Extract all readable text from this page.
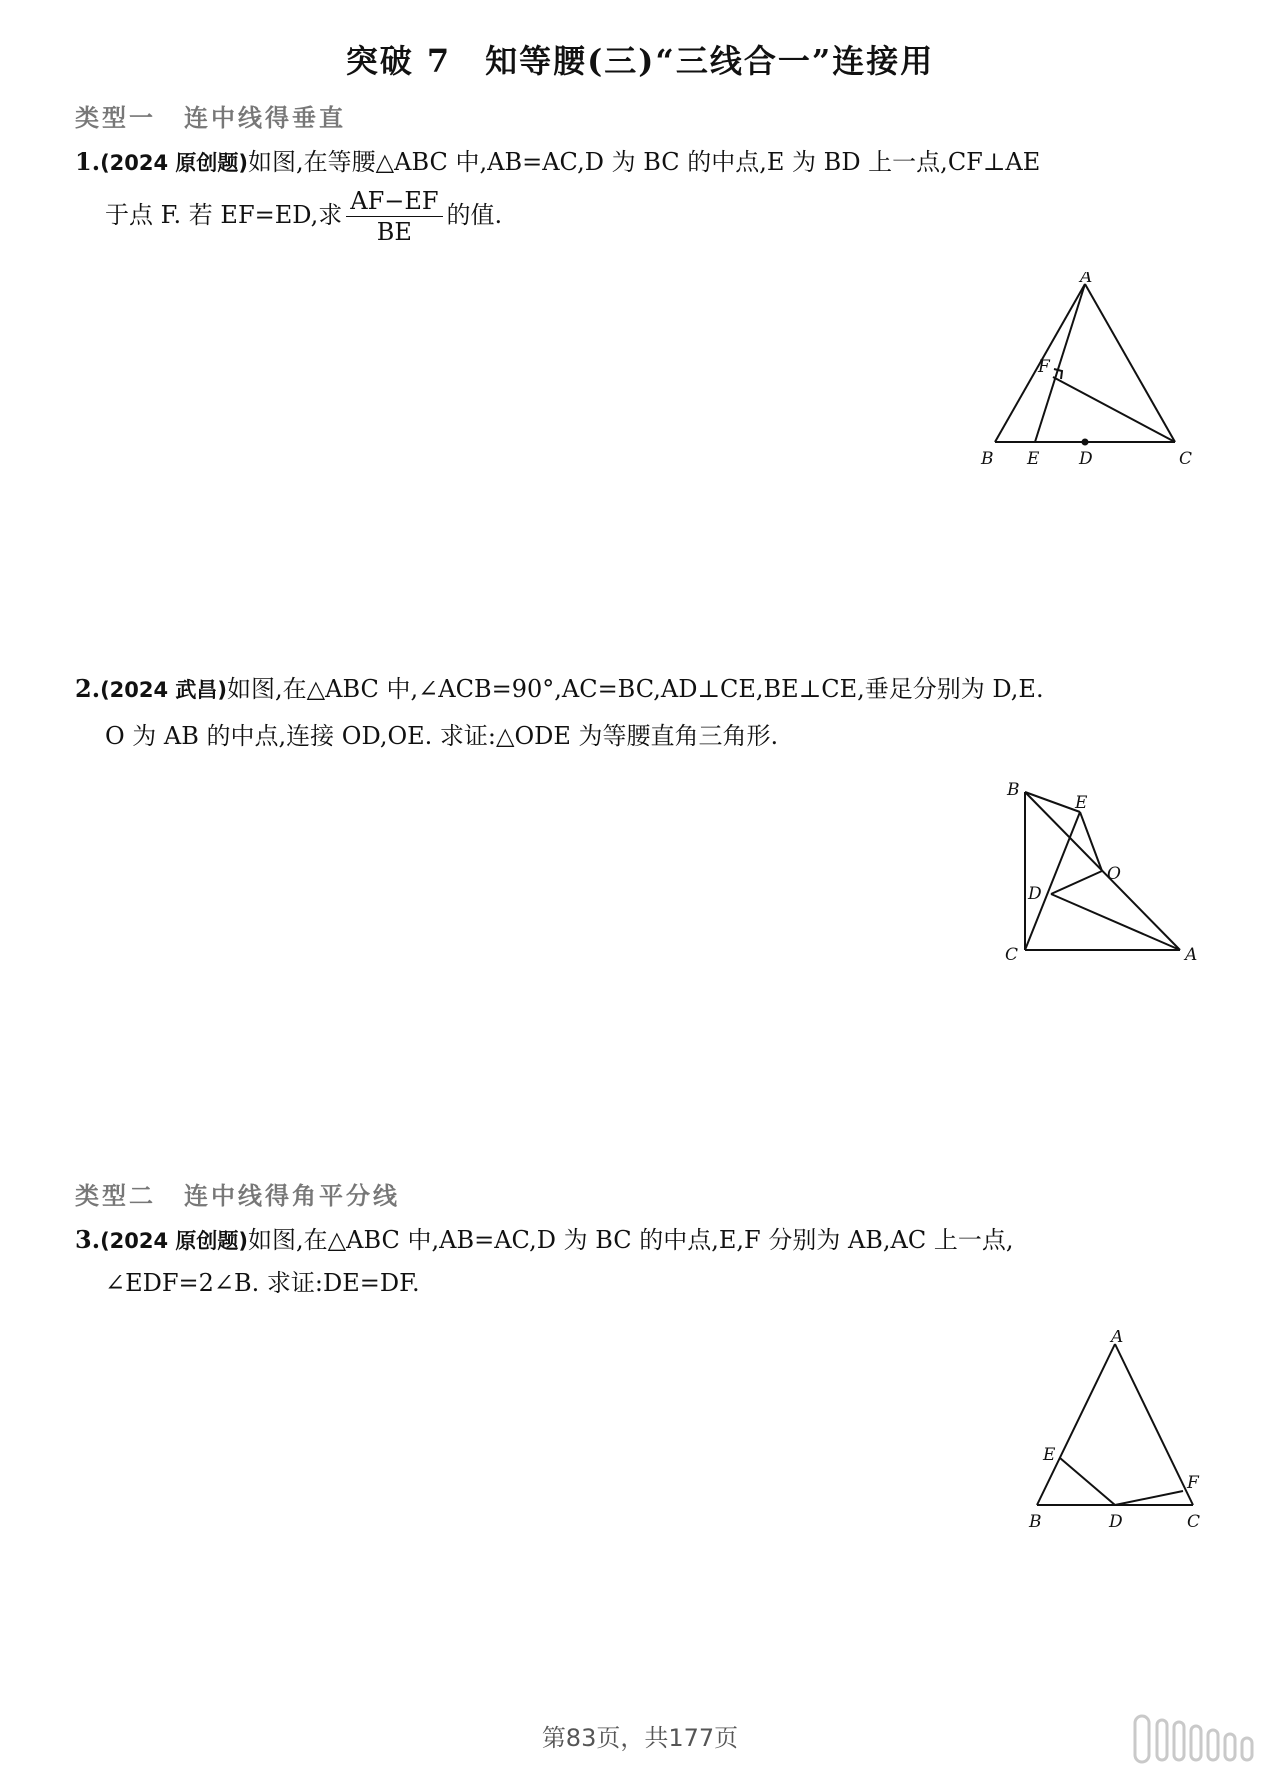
突破 7　知等腰(三)“三线合一”连接用
类型一 连中线得垂直
1.(2024 原创题)如图,在等腰△ABC 中,AB=AC,D 为 BC 的中点,E 为 BD 上一点,CF⊥AE
于点 F. 若 EF=ED,求 $\frac{AF-EF}{BE}$ 的值.
A
B	C
D
E
F
2.(2024 武昌)如图,在△ABC 中,∠ACB=90°,AC=BC,AD⊥CE,BE⊥CE,垂足分别为 D,E.
O 为 AB 的中点,连接 OD,OE. 求证:△ODE 为等腰直角三角形.
B
E
O
D
C	A
类型二 连中线得角平分线
3.(2024 原创题)如图,在△ABC 中,AB=AC,D 为 BC 的中点,E,F 分别为 AB,AC 上一点,
∠EDF=2∠B. 求证:DE=DF.
A
E
F
B	D	C
第83页，共177页
